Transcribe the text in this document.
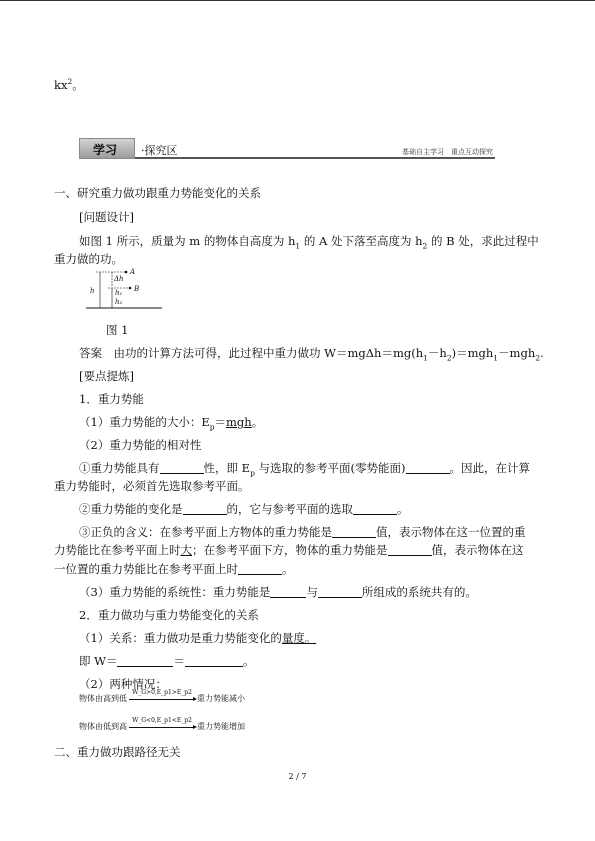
$kx^2$。
学习 ·探究区	基础自主学习　重点互动探究
一、研究重力做功跟重力势能变化的关系
[问题设计]
如图 1 所示，质量为 m 的物体自高度为 $h_1$ 的 A 处下落至高度为 $h_2$ 的 B 处，求此过程中
重力做的功。
A
B
Δh
h	h₁
h₂
图 1
答案　由功的计算方法可得，此过程中重力做功 $W=mg\Delta h=mg(h_1-h_2)=mgh_1-mgh_2$.
[要点提炼]
1．重力势能
（1）重力势能的大小：$E_p=mgh$。
（2）重力势能的相对性
①重力势能具有	性，即 $E_p$ 与选取的参考平面(零势能面)	。因此，在计算
重力势能时，必须首先选取参考平面。
②重力势能的变化是	的，它与参考平面的选取	。
③正负的含义：在参考平面上方物体的重力势能是	值，表示物体在这一位置的重
力势能比在参考平面上时大；在参考平面下方，物体的重力势能是	值，表示物体在这
一位置的重力势能比在参考平面上时	。
（3）重力势能的系统性：重力势能是	与	所组成的系统共有的。
2．重力做功与重力势能变化的关系
（1）关系：重力做功是重力势能变化的量度。
即 W＝	＝	。
（2）两种情况：
物体由高到低
W_G>0,E_p1>E_p2
重力势能减小
物体由低到高
W_G<0,E_p1<E_p2
重力势能增加
二、重力做功跟路径无关
2 / 7
